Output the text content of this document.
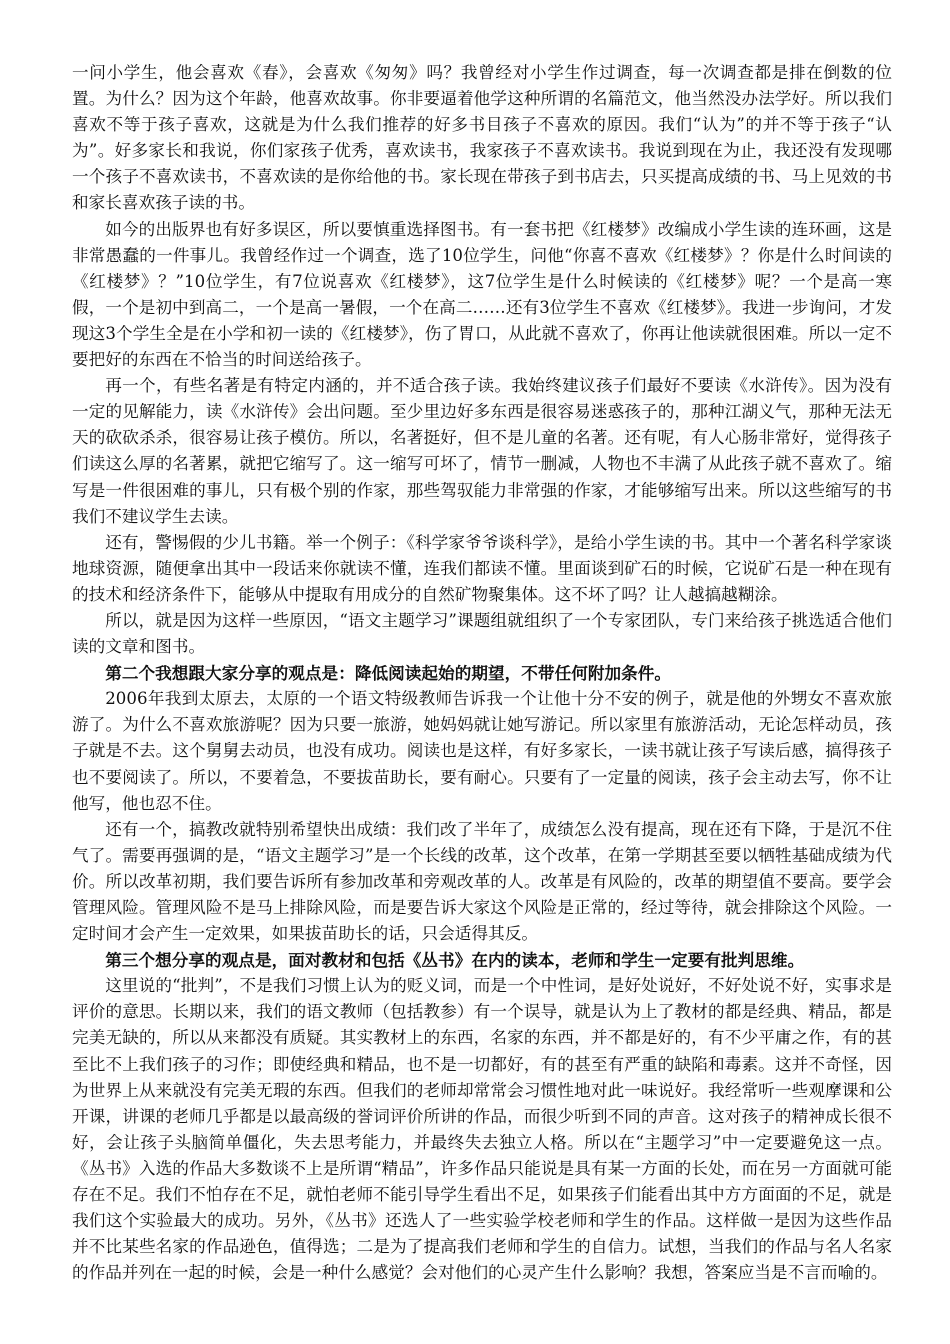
一问小学生，他会喜欢《春》，会喜欢《匆匆》吗？我曾经对小学生作过调查，每一次调查都是排在倒数的位置。为什么？因为这个年龄，他喜欢故事。你非要逼着他学这种所谓的名篇范文，他当然没办法学好。所以我们喜欢不等于孩子喜欢，这就是为什么我们推荐的好多书目孩子不喜欢的原因。我们“认为”的并不等于孩子“认为”。好多家长和我说，你们家孩子优秀，喜欢读书，我家孩子不喜欢读书。我说到现在为止，我还没有发现哪一个孩子不喜欢读书，不喜欢读的是你给他的书。家长现在带孩子到书店去，只买提高成绩的书、马上见效的书和家长喜欢孩子读的书。

如今的出版界也有好多误区，所以要慎重选择图书。有一套书把《红楼梦》改编成小学生读的连环画，这是非常愚蠢的一件事儿。我曾经作过一个调查，选了10位学生，问他“你喜不喜欢《红楼梦》？你是什么时间读的《红楼梦》？”10位学生，有7位说喜欢《红楼梦》，这7位学生是什么时候读的《红楼梦》呢？一个是高一寒假，一个是初中到高二，一个是高一暑假，一个在高二……还有3位学生不喜欢《红楼梦》。我进一步询问，才发现这3个学生全是在小学和初一读的《红楼梦》，伤了胃口，从此就不喜欢了，你再让他读就很困难。所以一定不要把好的东西在不恰当的时间送给孩子。

再一个，有些名著是有特定内涵的，并不适合孩子读。我始终建议孩子们最好不要读《水浒传》。因为没有一定的见解能力，读《水浒传》会出问题。至少里边好多东西是很容易迷惑孩子的，那种江湖义气，那种无法无天的砍砍杀杀，很容易让孩子模仿。所以，名著挺好，但不是儿童的名著。还有呢，有人心肠非常好，觉得孩子们读这么厚的名著累，就把它缩写了。这一缩写可坏了，情节一删减，人物也不丰满了从此孩子就不喜欢了。缩写是一件很困难的事儿，只有极个别的作家，那些驾驭能力非常强的作家，才能够缩写出来。所以这些缩写的书我们不建议学生去读。

还有，警惕假的少儿书籍。举一个例子：《科学家爷爷谈科学》，是给小学生读的书。其中一个著名科学家谈地球资源，随便拿出其中一段话来你就读不懂，连我们都读不懂。里面谈到矿石的时候，它说矿石是一种在现有的技术和经济条件下，能够从中提取有用成分的自然矿物聚集体。这不坏了吗？让人越搞越糊涂。

所以，就是因为这样一些原因，“语文主题学习”课题组就组织了一个专家团队，专门来给孩子挑选适合他们读的文章和图书。

第二个我想跟大家分享的观点是：降低阅读起始的期望，不带任何附加条件。

2006年我到太原去，太原的一个语文特级教师告诉我一个让他十分不安的例子，就是他的外甥女不喜欢旅游了。为什么不喜欢旅游呢？因为只要一旅游，她妈妈就让她写游记。所以家里有旅游活动，无论怎样动员，孩子就是不去。这个舅舅去动员，也没有成功。阅读也是这样，有好多家长，一读书就让孩子写读后感，搞得孩子也不要阅读了。所以，不要着急，不要拔苗助长，要有耐心。只要有了一定量的阅读，孩子会主动去写，你不让他写，他也忍不住。

还有一个，搞教改就特别希望快出成绩：我们改了半年了，成绩怎么没有提高，现在还有下降，于是沉不住气了。需要再强调的是，“语文主题学习”是一个长线的改革，这个改革，在第一学期甚至要以牺牲基础成绩为代价。所以改革初期，我们要告诉所有参加改革和旁观改革的人。改革是有风险的，改革的期望值不要高。要学会管理风险。管理风险不是马上排除风险，而是要告诉大家这个风险是正常的，经过等待，就会排除这个风险。一定时间才会产生一定效果，如果拔苗助长的话，只会适得其反。

第三个想分享的观点是，面对教材和包括《丛书》在内的读本，老师和学生一定要有批判思维。

这里说的“批判”，不是我们习惯上认为的贬义词，而是一个中性词，是好处说好，不好处说不好，实事求是评价的意思。长期以来，我们的语文教师（包括教参）有一个误导，就是认为上了教材的都是经典、精品，都是完美无缺的，所以从来都没有质疑。其实教材上的东西，名家的东西，并不都是好的，有不少平庸之作，有的甚至比不上我们孩子的习作；即使经典和精品，也不是一切都好，有的甚至有严重的缺陷和毒素。这并不奇怪，因为世界上从来就没有完美无瑕的东西。但我们的老师却常常会习惯性地对此一味说好。我经常听一些观摩课和公开课，讲课的老师几乎都是以最高级的誉词评价所讲的作品，而很少听到不同的声音。这对孩子的精神成长很不好，会让孩子头脑简单僵化，失去思考能力，并最终失去独立人格。所以在“主题学习”中一定要避免这一点。《丛书》入选的作品大多数谈不上是所谓“精品”，许多作品只能说是具有某一方面的长处，而在另一方面就可能存在不足。我们不怕存在不足，就怕老师不能引导学生看出不足，如果孩子们能看出其中方方面面的不足，就是我们这个实验最大的成功。另外，《丛书》还选人了一些实验学校老师和学生的作品。这样做一是因为这些作品并不比某些名家的作品逊色，值得选；二是为了提高我们老师和学生的自信力。试想，当我们的作品与名人名家的作品并列在一起的时候，会是一种什么感觉？会对他们的心灵产生什么影响？我想，答案应当是不言而喻的。
